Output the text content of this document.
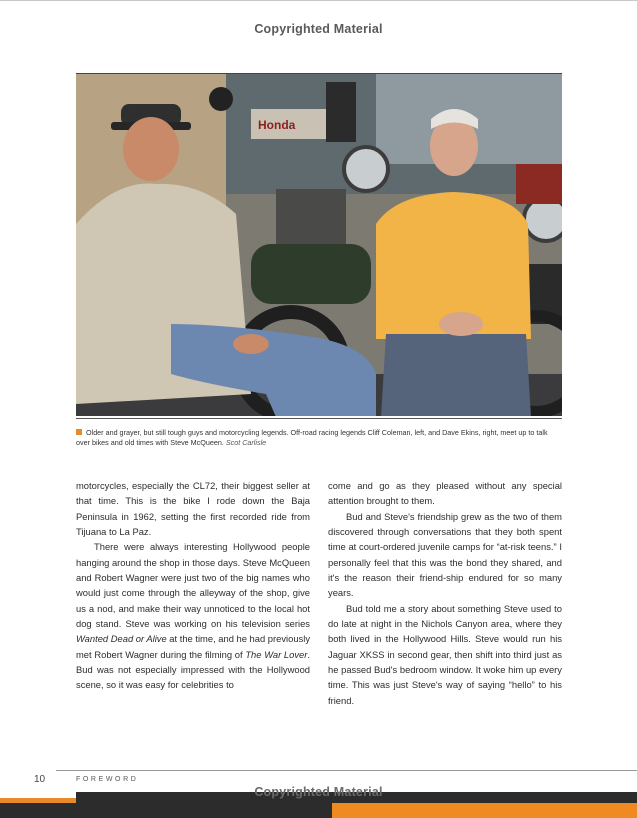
Copyrighted Material
Honda
Older and grayer, but still tough guys and motorcycling legends. Off-road racing legends Cliff Coleman, left, and Dave Ekins, right, meet up to talk over bikes and old times with Steve McQueen. Scot Carlisle

motorcycles, especially the CL72, their biggest seller at that time. This is the bike I rode down the Baja Peninsula in 1962, setting the first recorded ride from Tijuana to La Paz.

There were always interesting Hollywood people hanging around the shop in those days. Steve McQueen and Robert Wagner were just two of the big names who would just come through the alleyway of the shop, give us a nod, and make their way unnoticed to the local hot dog stand. Steve was working on his television series Wanted Dead or Alive at the time, and he had previously met Robert Wagner during the filming of The War Lover. Bud was not especially impressed with the Hollywood scene, so it was easy for celebrities to

come and go as they pleased without any special attention brought to them.

Bud and Steve's friendship grew as the two of them discovered through conversations that they both spent time at court-ordered juvenile camps for “at-risk teens.” I personally feel that this was the bond they shared, and it's the reason their friend-ship endured for so many years.

Bud told me a story about something Steve used to do late at night in the Nichols Canyon area, where they both lived in the Hollywood Hills. Steve would run his Jaguar XKSS in second gear, then shift into third just as he passed Bud's bedroom window. It woke him up every time. This was just Steve's way of saying “hello” to his friend.

10	FOREWORD
Copyrighted Material
